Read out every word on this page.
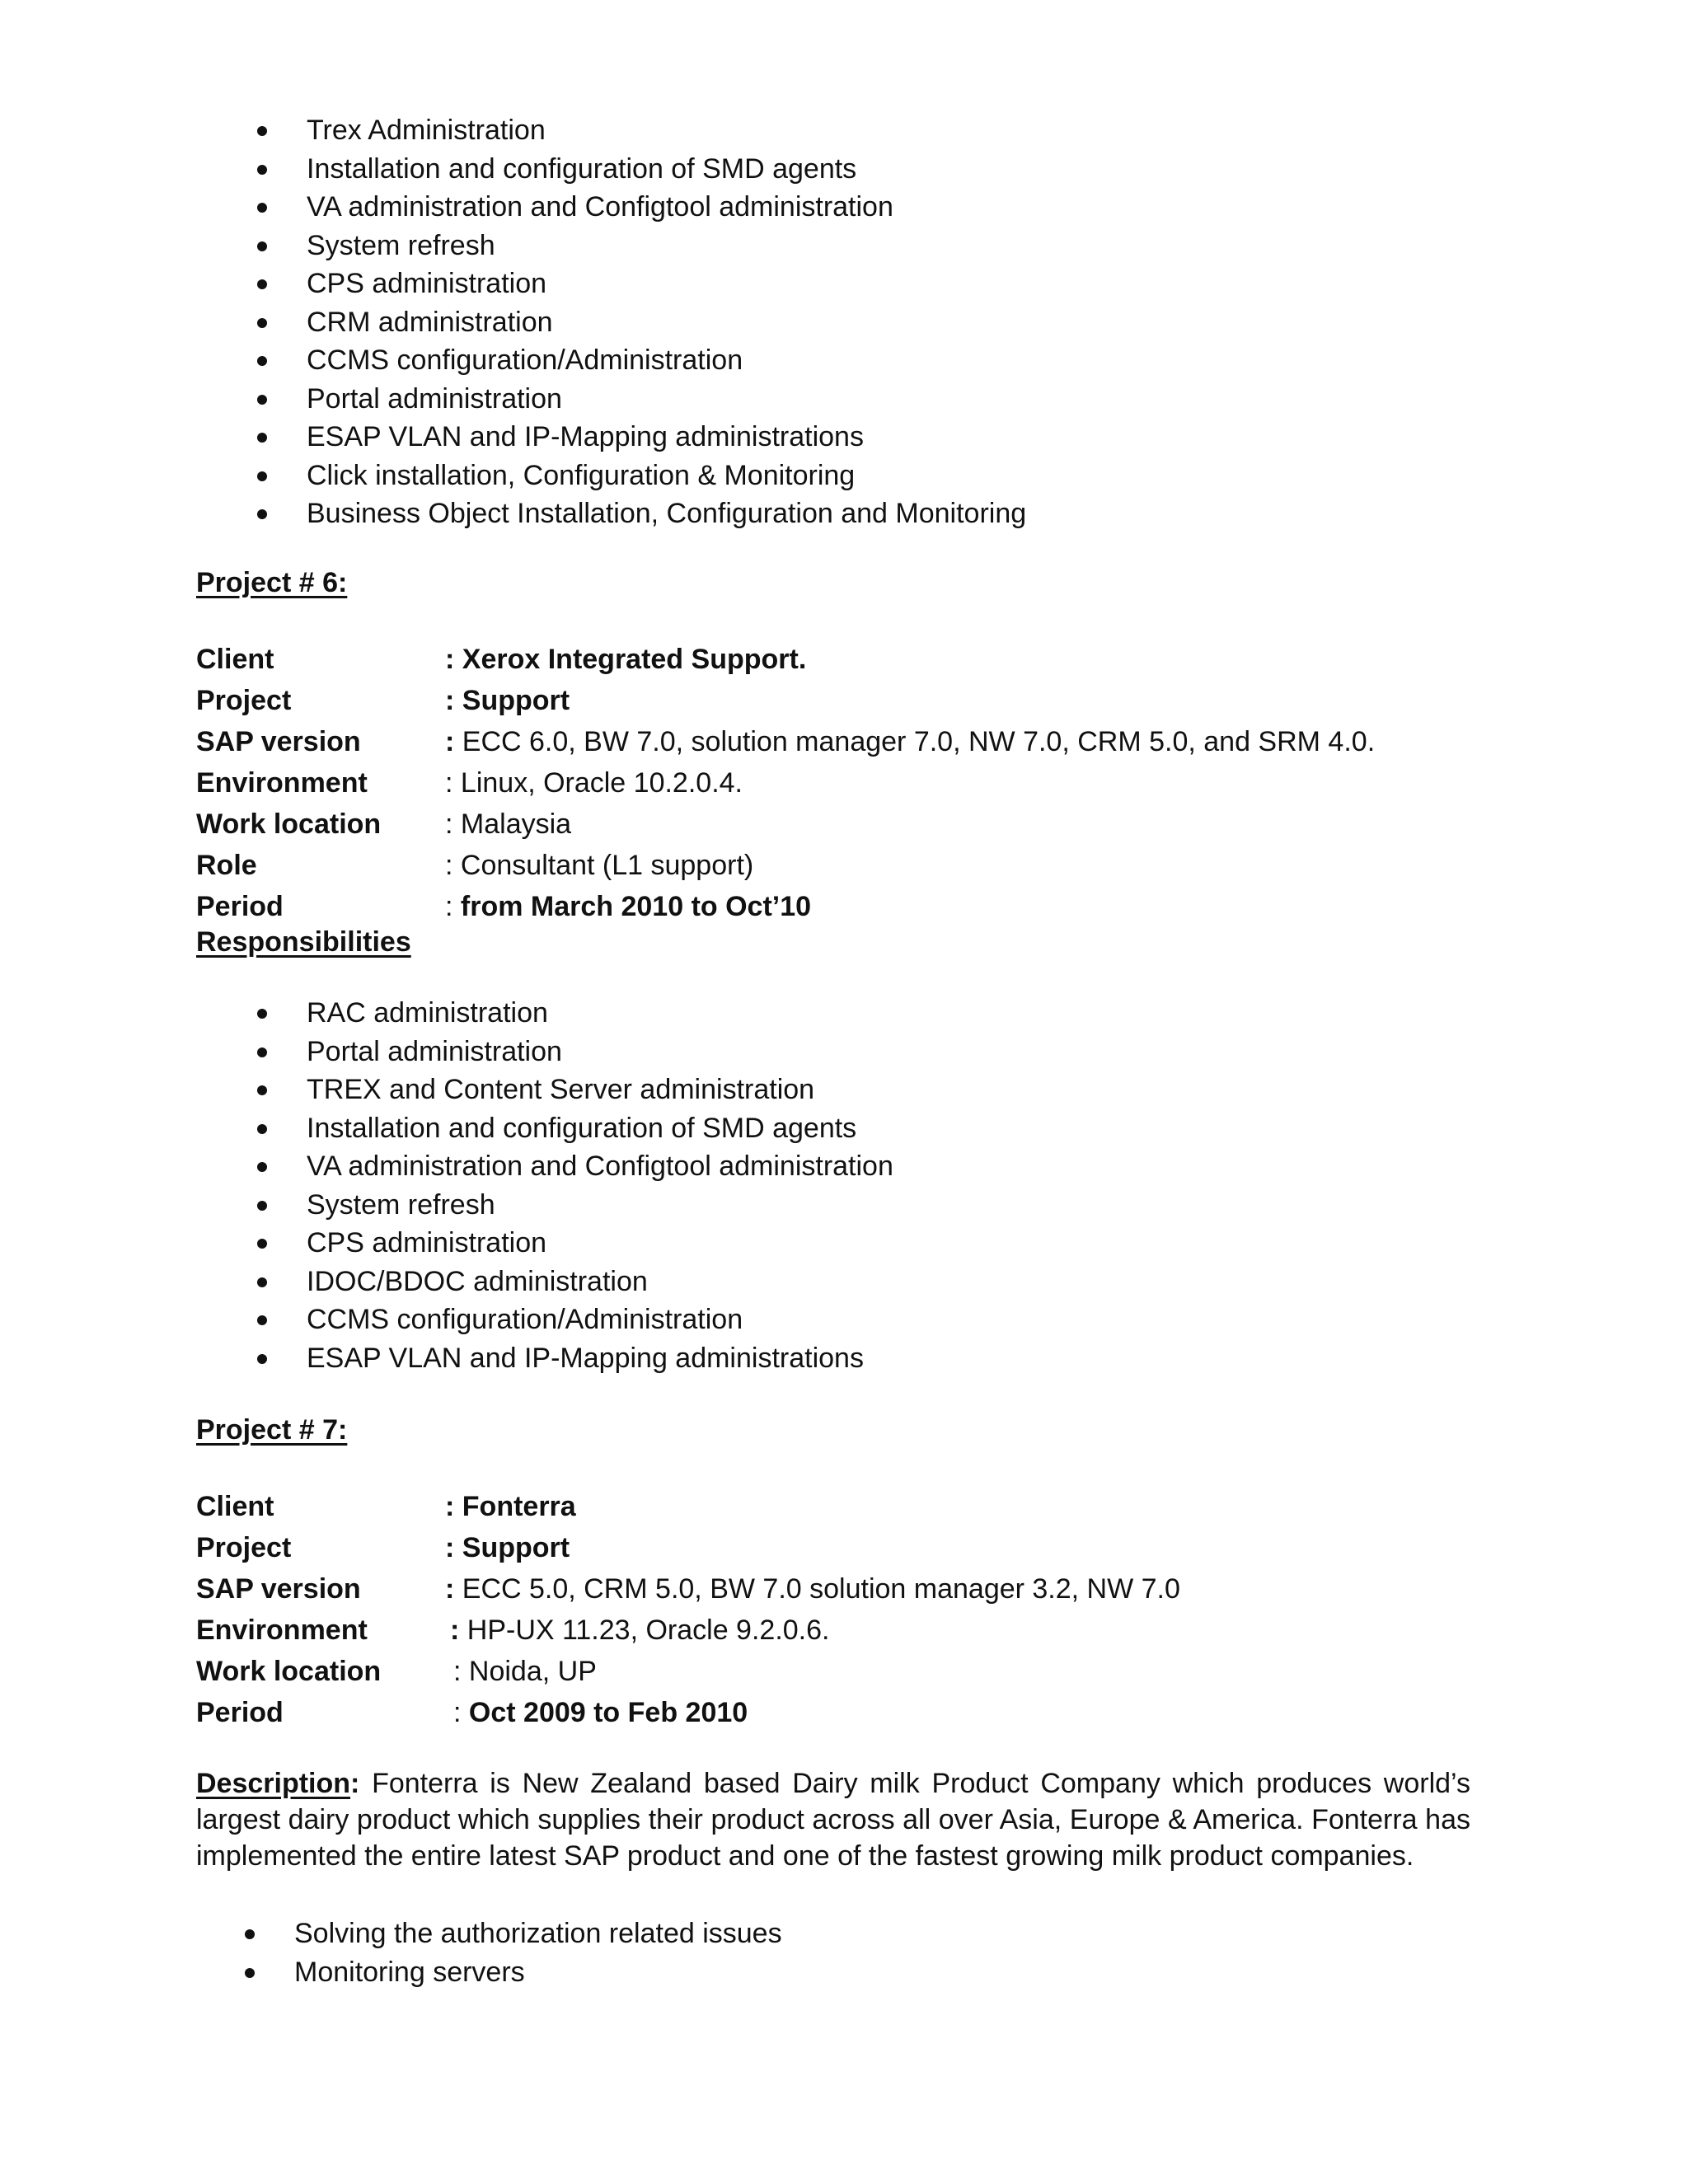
Trex Administration
Installation and configuration of SMD agents
VA administration and Configtool administration
System refresh
CPS administration
CRM administration
CCMS configuration/Administration
Portal administration
ESAP VLAN and IP-Mapping administrations
Click installation, Configuration & Monitoring
Business Object Installation, Configuration and Monitoring
Project # 6:
Client	: Xerox Integrated Support.
Project	: Support
SAP version	: ECC 6.0, BW 7.0, solution manager 7.0, NW 7.0, CRM 5.0, and SRM 4.0.
Environment	: Linux, Oracle 10.2.0.4.
Work location : Malaysia
Role	: Consultant (L1 support)
Period	: from March 2010 to Oct’10
Responsibilities
RAC administration
Portal administration
TREX and Content Server administration
Installation and configuration of SMD agents
VA administration and Configtool administration
System refresh
CPS administration
IDOC/BDOC administration
CCMS configuration/Administration
ESAP VLAN and IP-Mapping administrations
Project # 7:
Client	: Fonterra
Project	: Support
SAP version	: ECC 5.0, CRM 5.0, BW 7.0 solution manager 3.2, NW 7.0
Environment	: HP-UX 11.23, Oracle 9.2.0.6.
Work location	: Noida, UP
Period	: Oct 2009 to Feb 2010
Description: Fonterra is New Zealand based Dairy milk Product Company which produces world’s largest dairy product which supplies their product across all over Asia, Europe & America. Fonterra has implemented the entire latest SAP product and one of the fastest growing milk product companies.
Solving the authorization related issues
Monitoring servers
